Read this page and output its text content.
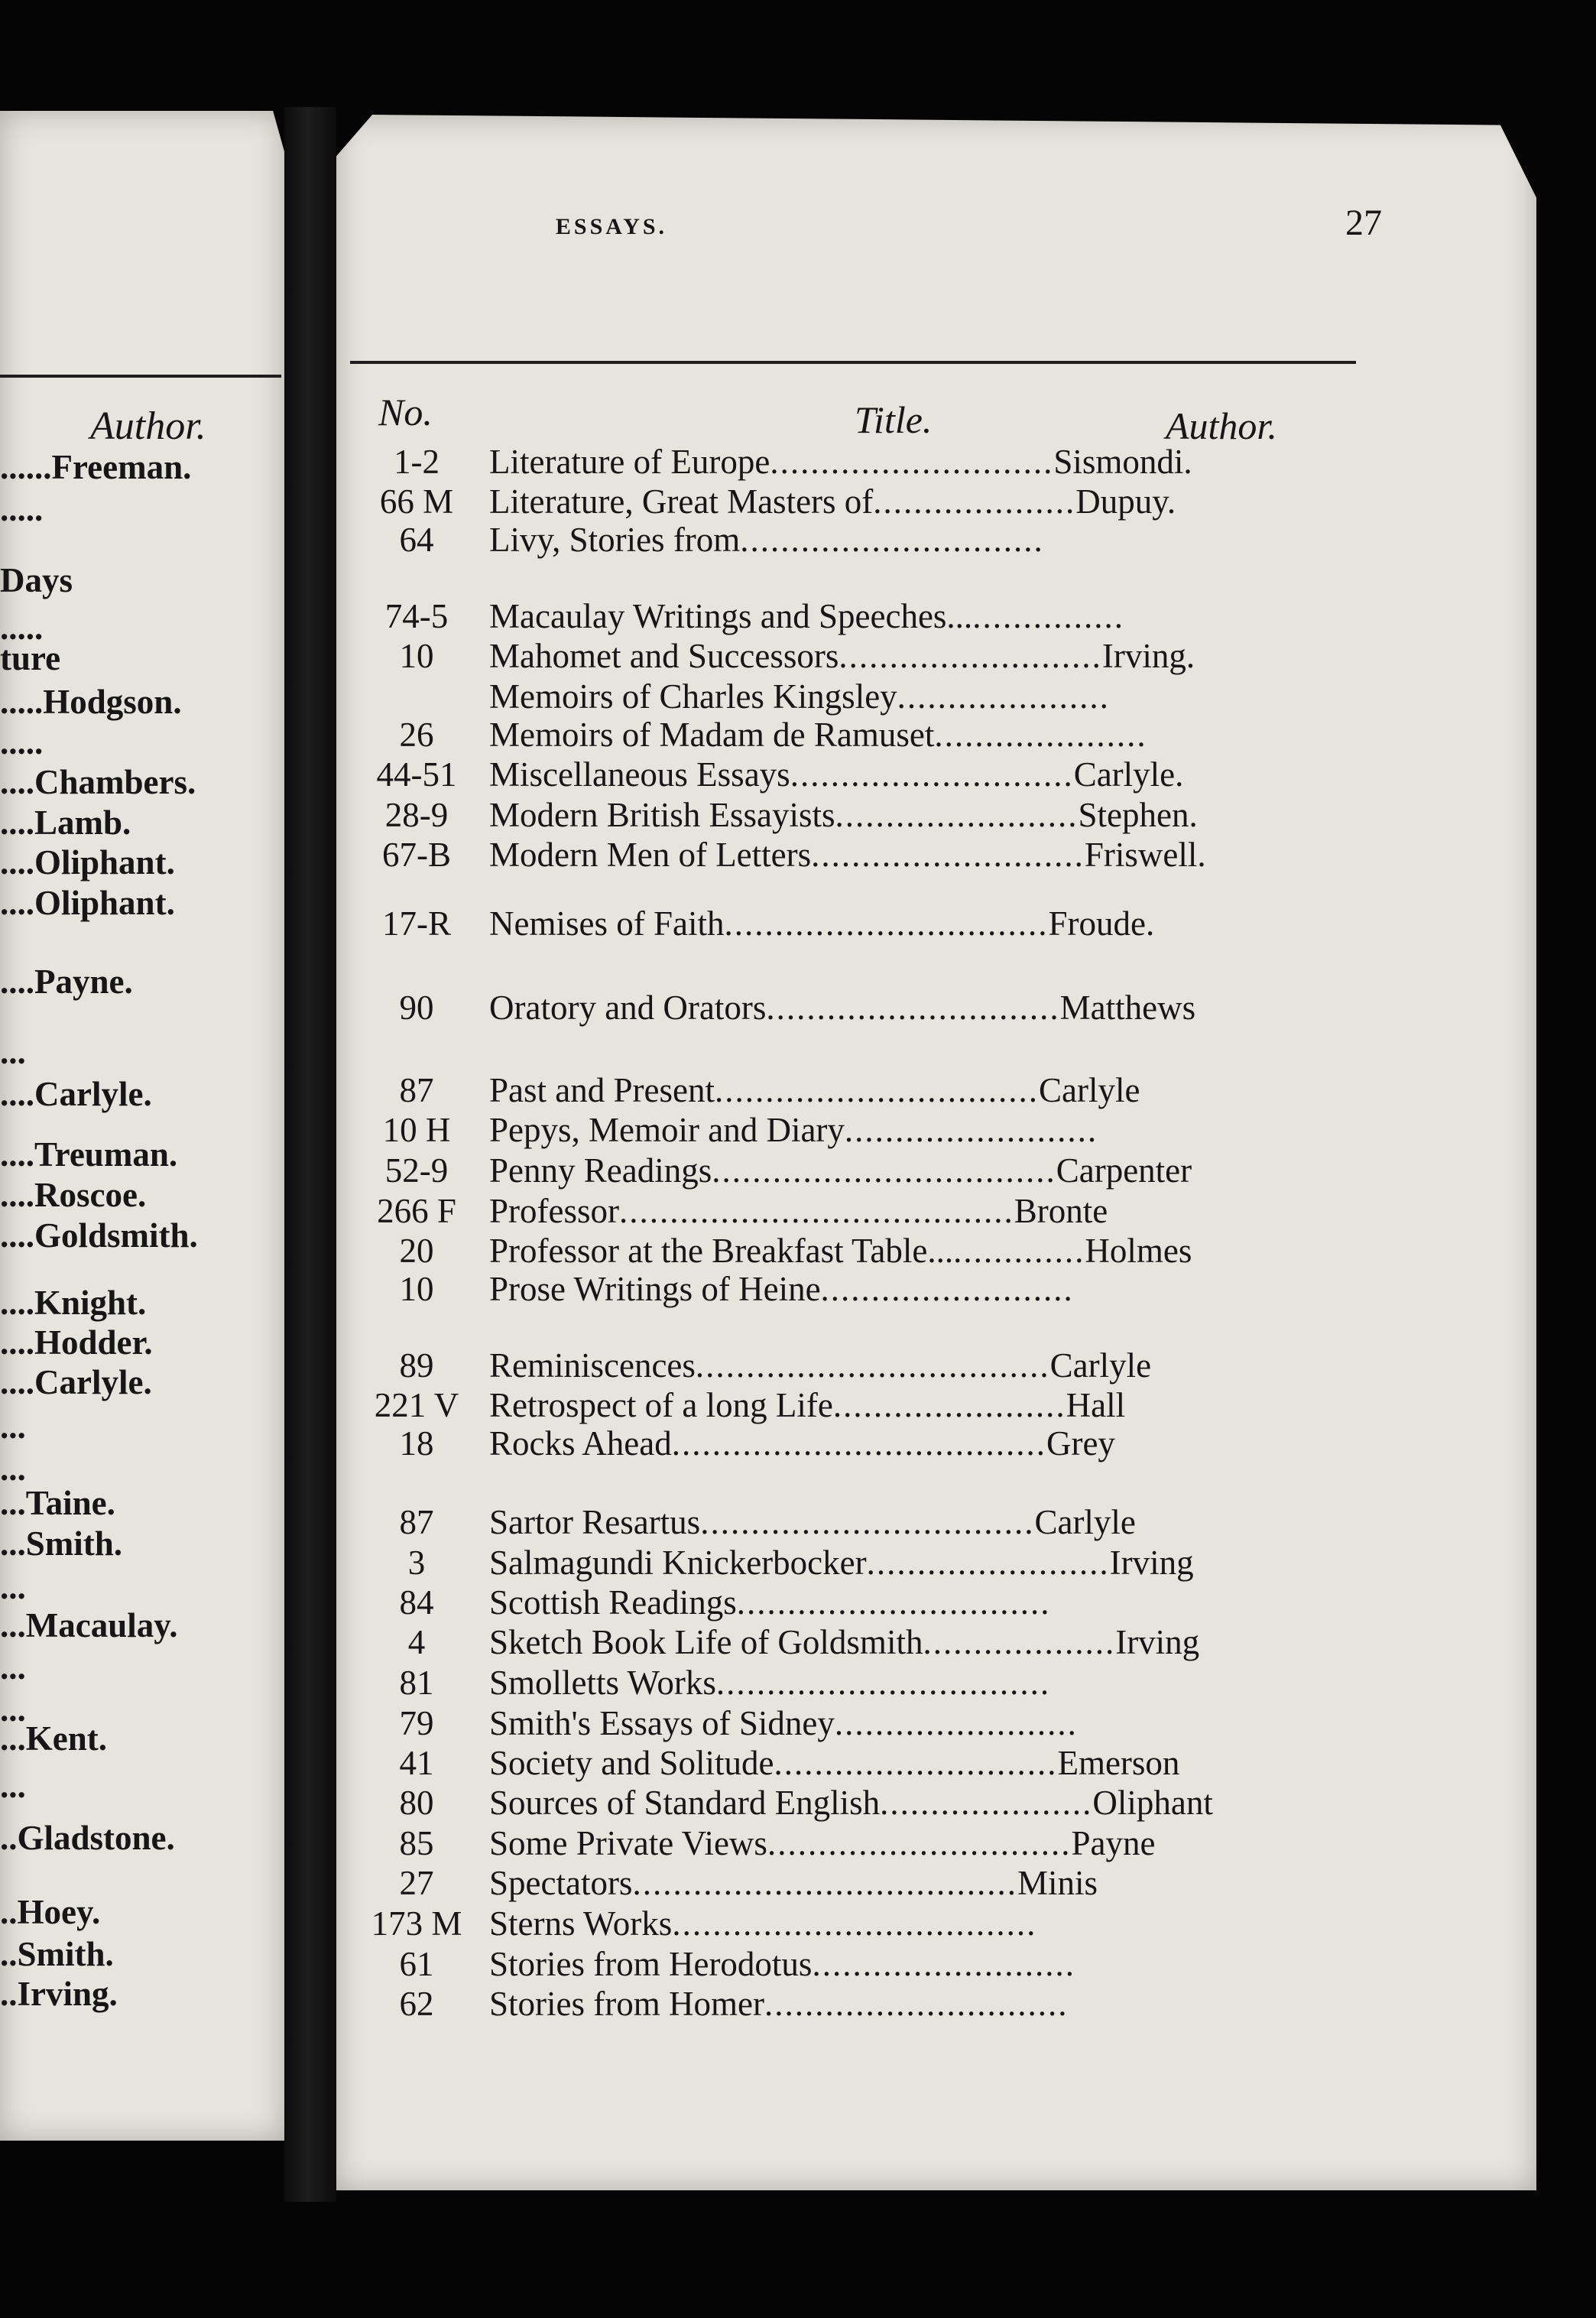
Author.
......Freeman.
.....
Days
.....
ture
.....Hodgson.
.....
....Chambers.
....Lamb.
....Oliphant.
....Oliphant.
....Payne.
...
....Carlyle.
....Treuman.
....Roscoe.
....Goldsmith.
....Knight.
....Hodder.
....Carlyle.
...
...
...Taine.
...Smith.
...
...Macaulay.
...
...
...Kent.
...
..Gladstone.
..Hoey.
..Smith.
..Irving.
ESSAYS.	27
No.	Title.	Author.
1-2	Literature of Europe............................Sismondi.
66 M	Literature, Great Masters of....................Dupuy.
64	Livy, Stories from..............................
74-5	Macaulay Writings and Speeches..................
10	Mahomet and Successors..........................Irving.
Memoirs of Charles Kingsley.....................
26	Memoirs of Madam de Ramuset.....................
44-51 Miscellaneous Essays............................Carlyle.
28-9	Modern British Essayists........................Stephen.
67-B	Modern Men of Letters...........................Friswell.
17-R	Nemises of Faith................................Froude.
90	Oratory and Orators.............................Matthews
87	Past and Present................................Carlyle
10 H	Pepys, Memoir and Diary.........................
52-9	Penny Readings..................................Carpenter
266 F Professor.......................................Bronte
20	Professor at the Breakfast Table................Holmes
10	Prose Writings of Heine.........................
89	Reminiscences...................................Carlyle
221 V Retrospect of a long Life.......................Hall
18	Rocks Ahead.....................................Grey
87	Sartor Resartus.................................Carlyle
3	Salmagundi Knickerbocker........................Irving
84	Scottish Readings...............................
4	Sketch Book Life of Goldsmith...................Irving
81	Smolletts Works.................................
79	Smith's Essays of Sidney........................
41	Society and Solitude............................Emerson
80	Sources of Standard English.....................Oliphant
85	Some Private Views..............................Payne
27	Spectators......................................Minis
173 M Sterns Works....................................
61	Stories from Herodotus..........................
62	Stories from Homer..............................
